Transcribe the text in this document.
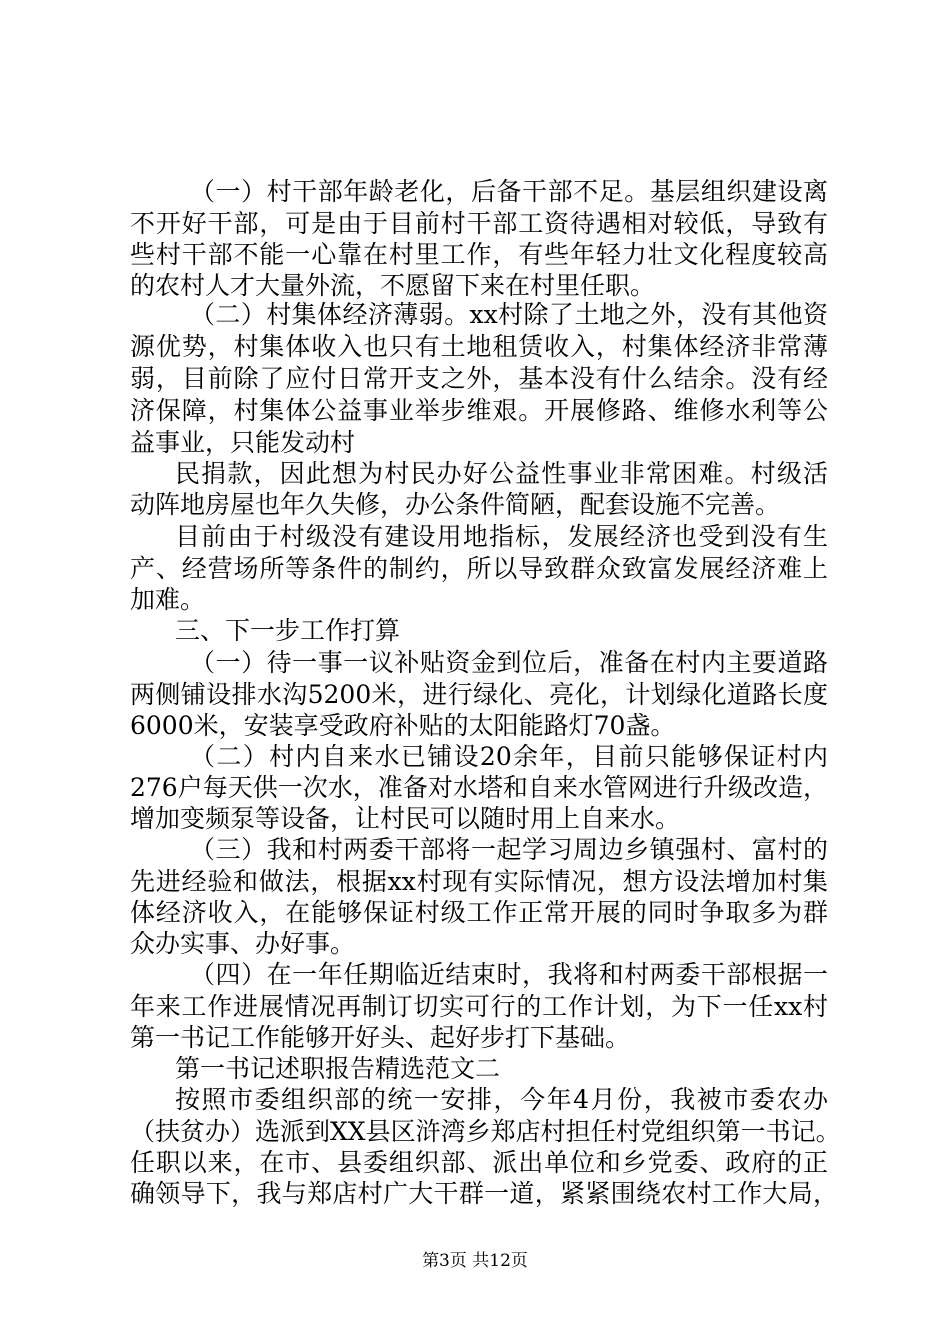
（一）村干部年龄老化，后备干部不足。基层组织建设离
不开好干部，可是由于目前村干部工资待遇相对较低，导致有
些村干部不能一心靠在村里工作，有些年轻力壮文化程度较高
的农村人才大量外流，不愿留下来在村里任职。
（二）村集体经济薄弱。xx村除了土地之外，没有其他资
源优势，村集体收入也只有土地租赁收入，村集体经济非常薄
弱，目前除了应付日常开支之外，基本没有什么结余。没有经
济保障，村集体公益事业举步维艰。开展修路、维修水利等公
益事业，只能发动村
民捐款，因此想为村民办好公益性事业非常困难。村级活
动阵地房屋也年久失修，办公条件简陋，配套设施不完善。
目前由于村级没有建设用地指标，发展经济也受到没有生
产、经营场所等条件的制约，所以导致群众致富发展经济难上
加难。
三、下一步工作打算
（一）待一事一议补贴资金到位后，准备在村内主要道路
两侧铺设排水沟5200米，进行绿化、亮化，计划绿化道路长度
6000米，安装享受政府补贴的太阳能路灯70盏。
（二）村内自来水已铺设20余年，目前只能够保证村内
276户每天供一次水，准备对水塔和自来水管网进行升级改造，
增加变频泵等设备，让村民可以随时用上自来水。
（三）我和村两委干部将一起学习周边乡镇强村、富村的
先进经验和做法，根据xx村现有实际情况，想方设法增加村集
体经济收入，在能够保证村级工作正常开展的同时争取多为群
众办实事、办好事。
（四）在一年任期临近结束时，我将和村两委干部根据一
年来工作进展情况再制订切实可行的工作计划，为下一任xx村
第一书记工作能够开好头、起好步打下基础。
第一书记述职报告精选范文二
按照市委组织部的统一安排，今年4月份，我被市委农办
（扶贫办）选派到XX县区浒湾乡郑店村担任村党组织第一书记。
任职以来，在市、县委组织部、派出单位和乡党委、政府的正
确领导下，我与郑店村广大干群一道，紧紧围绕农村工作大局，
第3页 共12页
